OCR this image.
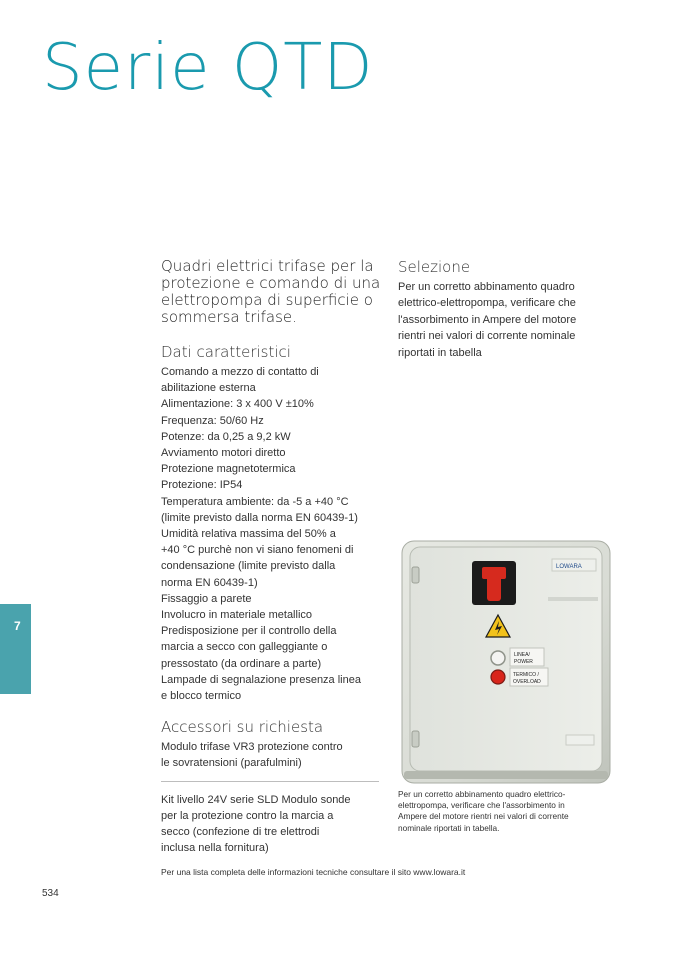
Serie QTD

Quadri elettrici trifase per la protezione e comando di una elettropompa di superficie o sommersa trifase.

Dati caratteristici
Comando a mezzo di contatto di
abilitazione esterna
Alimentazione: 3 x 400 V ±10%
Frequenza: 50/60 Hz
Potenze: da 0,25 a 9,2 kW
Avviamento motori diretto
Protezione magnetotermica
Protezione: IP54
Temperatura ambiente: da -5 a +40 °C
(limite previsto dalla norma EN 60439-1)
Umidità relativa massima del 50% a
+40 °C purchè non vi siano fenomeni di
condensazione (limite previsto dalla
norma EN 60439-1)
Fissaggio a parete
Involucro in materiale metallico
Predisposizione per il controllo della
marcia a secco con galleggiante o
pressostato (da ordinare a parte)
Lampade di segnalazione presenza linea
e blocco termico
Accessori su richiesta
Modulo trifase VR3 protezione contro
le sovratensioni (parafulmini)
Kit livello 24V serie SLD Modulo sonde
per la protezione contro la marcia a
secco (confezione di tre elettrodi
inclusa nella fornitura)
Selezione
Per un corretto abbinamento quadro
elettrico-elettropompa, verificare che
l'assorbimento in Ampere del motore
rientri nei valori di corrente nominale
riportati in tabella
LOWARA
LINEA/
POWER
TERMICO /
OVERLOAD
Per un corretto abbinamento quadro elettrico-
elettropompa, verificare che l'assorbimento in
Ampere del motore rientri nei valori di corrente
nominale riportati in tabella.
Per una lista completa delle informazioni tecniche consultare il sito www.lowara.it
7
534
